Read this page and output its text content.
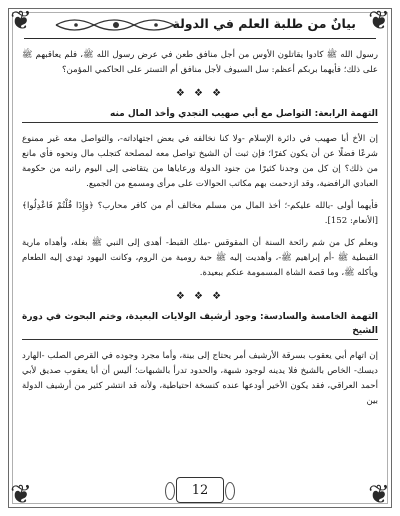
❦	❦
❦	❦
بيانٌ من طلبة العلم في الدولة

رسول الله ﷺ كادوا يقاتلون الأوس من أجل منافق طعن في عرض رسول الله ﷺ، فلم يعاقبهم ﷺ على ذلك؛ فأيهما بربكم أعظم: سل السيوف لأجل منافق أم التستر على الحاكمي المؤمن؟

❖ ❖ ❖
التهمة الرابعة: التواصل مع أبي صهيب النجدي وأخذ المال منه

إن الأخ أبا صهيب في دائرة الإسلام -ولا كنا نخالفه في بعض اجتهاداته-، والتواصل معه غير ممنوع شرعًا فضلًا عن أن يكون كفرًا؛ فإن ثبت أن الشيخ تواصل معه لمصلحة كتجلب مال ونحوه فأي مانع من ذلك؟ إن كل من وجدنا كثيرًا من جنود الدولة ورعاياها من يتقاضى إلى اليوم راتبه من حكومة العبادي الرافضية، وقد ازدحمت بهم مكاتب الحوالات على مرأى ومسمع من الجميع.

فأيهما أولى -بالله عليكم-؛ أخذ المال من مسلم مخالف أم من كافر محارب؟ ﴿وَإِذَا قُلْتُمْ فَاعْدِلُوا﴾ [الأنعام: 152].

وبعلم كل من شم رائحة السنة أن المقوقس -ملك القبط- أهدى إلى النبي ﷺ بغلة، وأهداه مارية القبطية ﷺ -أم إبراهيم ﷺ-، وأهديت إليه ﷺ حبة رومية من الروم، وكانت اليهود تهدي إليه الطعام ويأكله ﷺ، وما قصة الشاة المسمومة عنكم ببعيدة.

❖ ❖ ❖
التهمة الخامسة والسادسة: وجود أرشيف الولايات البعيدة، وختم البحوث في دورة الشيخ

إن اتهام أبي يعقوب بسرقة الأرشيف أمر يحتاج إلى بينة، وأما مجرد وجوده في القرص الصلب -الهارد ديسك- الخاص بالشيخ فلا يدينه لوجود شبهة، والحدود تدرأ بالشبهات؛ أليس أن أبا يعقوب صديق لأبي أحمد العراقي، فقد يكون الأخير أودعها عنده كنسخة احتياطية، ولأنه قد انتشر كثير من أرشيف الدولة بين

12
